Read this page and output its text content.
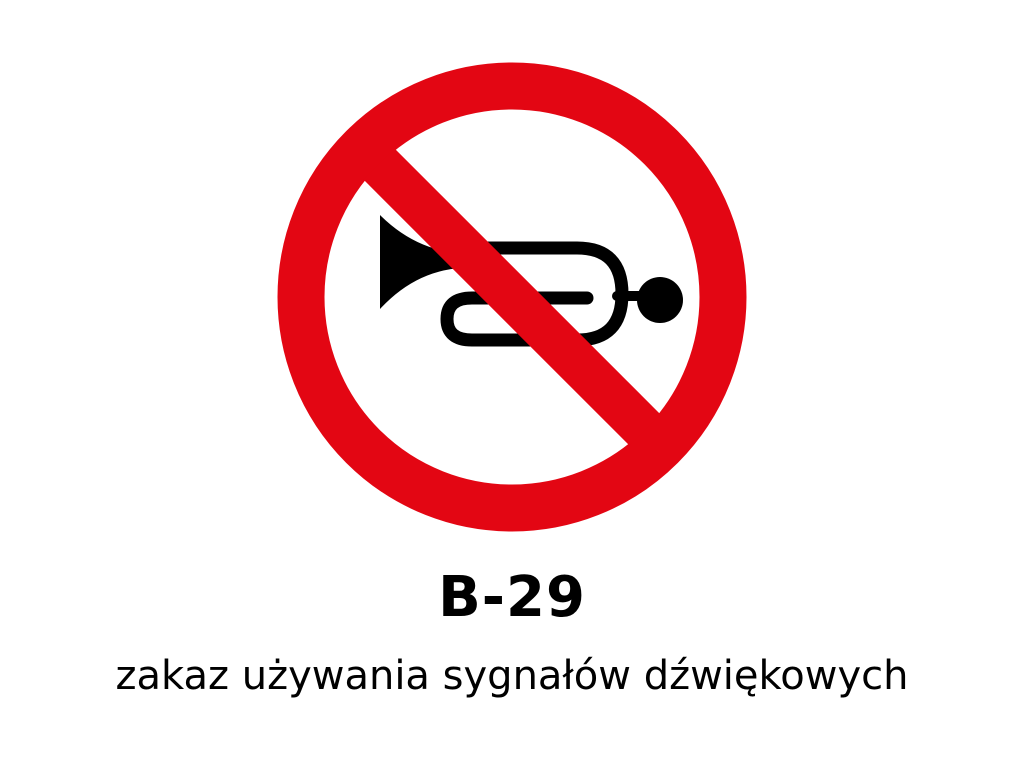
B-29
zakaz używania sygnałów dźwiękowych
